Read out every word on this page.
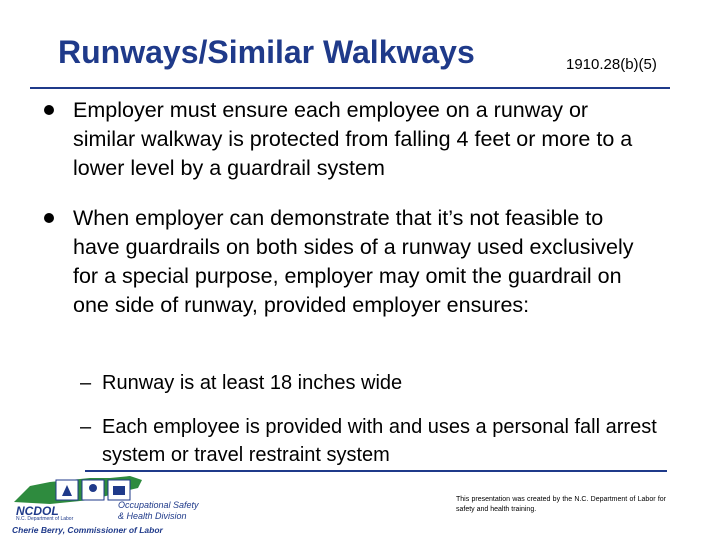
Runways/Similar Walkways	1910.28(b)(5)
Employer must ensure each employee on a runway or similar walkway is protected from falling 4 feet or more to a lower level by a guardrail system
When employer can demonstrate that it’s not feasible to have guardrails on both sides of a runway used exclusively for a special purpose, employer may omit the guardrail on one side of runway, provided employer ensures:
– Runway is at least 18 inches wide
– Each employee is provided with and uses a personal fall arrest system or travel restraint system
NCDOL
N.C. Department of Labor
Occupational Safety
& Health Division
Cherie Berry, Commissioner of Labor
This presentation was created by the N.C. Department of Labor for safety and health training.
